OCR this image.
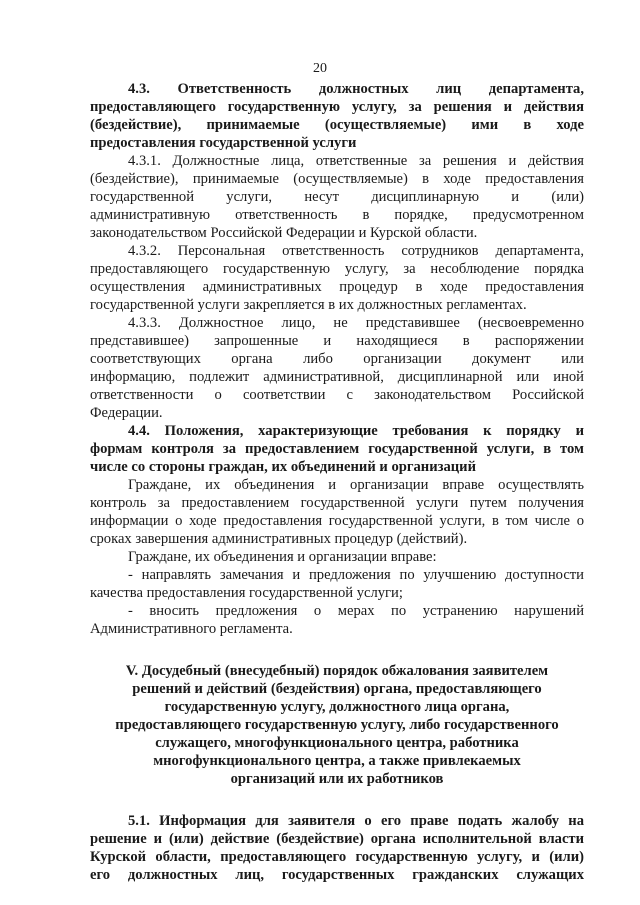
20
4.3. Ответственность должностных лиц департамента,
предоставляющего государственную услугу, за решения и действия
(бездействие), принимаемые (осуществляемые) ими в ходе
предоставления государственной услуги
4.3.1. Должностные лица, ответственные за решения и действия
(бездействие), принимаемые (осуществляемые) в ходе предоставления
государственной услуги, несут дисциплинарную и (или)
административную ответственность в порядке, предусмотренном
законодательством Российской Федерации и Курской области.
4.3.2. Персональная ответственность сотрудников департамента,
предоставляющего государственную услугу, за несоблюдение порядка
осуществления административных процедур в ходе предоставления
государственной услуги закрепляется в их должностных регламентах.
4.3.3. Должностное лицо, не представившее (несвоевременно
представившее) запрошенные и находящиеся в распоряжении
соответствующих органа либо организации документ или
информацию, подлежит административной, дисциплинарной или иной
ответственности о соответствии с законодательством Российской
Федерации.
4.4. Положения, характеризующие требования к порядку и
формам контроля за предоставлением государственной услуги, в том
числе со стороны граждан, их объединений и организаций
Граждане, их объединения и организации вправе осуществлять
контроль за предоставлением государственной услуги путем получения
информации о ходе предоставления государственной услуги, в том числе о
сроках завершения административных процедур (действий).
Граждане, их объединения и организации вправе:
- направлять замечания и предложения по улучшению доступности
качества предоставления государственной услуги;
- вносить предложения о мерах по устранению нарушений
Административного регламента.
V. Досудебный (внесудебный) порядок обжалования заявителем
решений и действий (бездействия) органа, предоставляющего
государственную услугу, должностного лица органа,
предоставляющего государственную услугу, либо государственного
служащего, многофункционального центра, работника
многофункционального центра, а также привлекаемых
организаций или их работников
5.1. Информация для заявителя о его праве подать жалобу на
решение и (или) действие (бездействие) органа исполнительной власти
Курской области, предоставляющего государственную услугу, и (или)
его должностных лиц, государственных гражданских служащих
